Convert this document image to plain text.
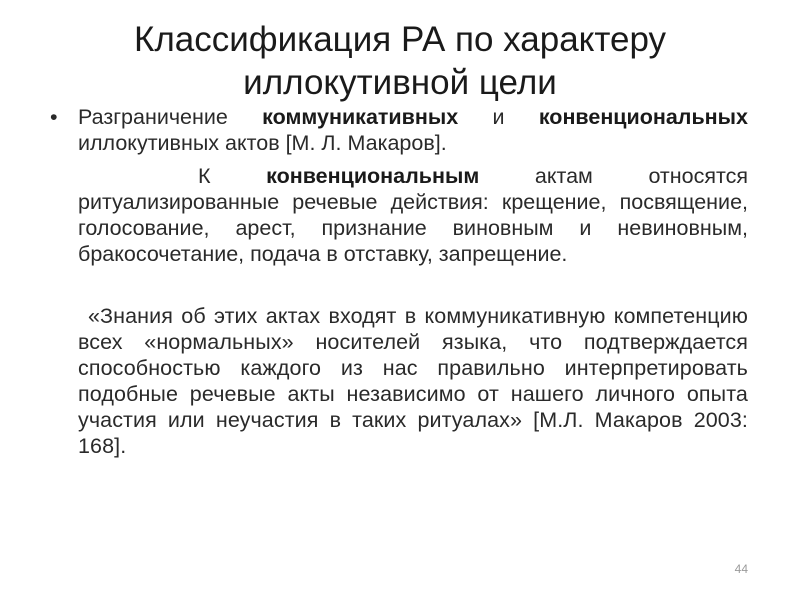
Классификация РА по характеру
иллокутивной цели
• Разграничение коммуникативных и конвенциональных иллокутивных актов [М. Л. Макаров].

К конвенциональным актам относятся ритуализированные речевые действия: крещение, посвящение, голосование, арест, признание виновным и невиновным, бракосочетание, подача в отставку, запрещение.

«Знания об этих актах входят в коммуникативную компетенцию всех «нормальных» носителей языка, что подтверждается способностью каждого из нас правильно интерпретировать подобные речевые акты независимо от нашего личного опыта участия или неучастия в таких ритуалах» [М.Л. Макаров 2003: 168].

44
